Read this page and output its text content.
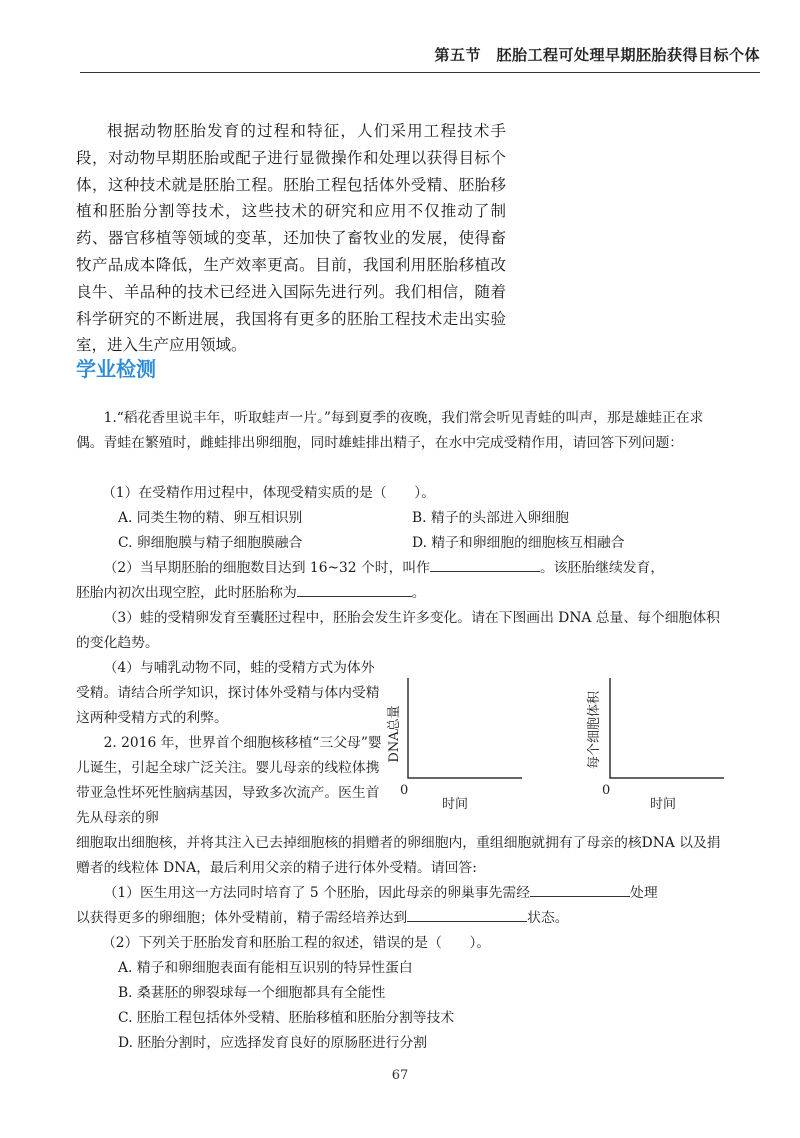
第五节　胚胎工程可处理早期胚胎获得目标个体

根据动物胚胎发育的过程和特征，人们采用工程技术手段，对动物早期胚胎或配子进行显微操作和处理以获得目标个体，这种技术就是胚胎工程。胚胎工程包括体外受精、胚胎移植和胚胎分割等技术，这些技术的研究和应用不仅推动了制药、器官移植等领域的变革，还加快了畜牧业的发展，使得畜牧产品成本降低，生产效率更高。目前，我国利用胚胎移植改良牛、羊品种的技术已经进入国际先进行列。我们相信，随着科学研究的不断进展，我国将有更多的胚胎工程技术走出实验室，进入生产应用领域。

学业检测

1.“稻花香里说丰年，听取蛙声一片。”每到夏季的夜晚，我们常会听见青蛙的叫声，那是雄蛙正在求偶。青蛙在繁殖时，雌蛙排出卵细胞，同时雄蛙排出精子，在水中完成受精作用，请回答下列问题：

（1）在受精作用过程中，体现受精实质的是（　　）。

A. 同类生物的精、卵互相识别	B. 精子的头部进入卵细胞
C. 卵细胞膜与精子细胞膜融合	D. 精子和卵细胞的细胞核互相融合

（2）当早期胚胎的细胞数目达到 16~32 个时，叫作	。该胚胎继续发育，
胚胎内初次出现空腔，此时胚胎称为	。

（3）蛙的受精卵发育至囊胚过程中，胚胎会发生许多变化。请在下图画出 DNA 总量、每个细胞体积的变化趋势。

（4）与哺乳动物不同，蛙的受精方式为体外受精。请结合所学知识，探讨体外受精与体内受精这两种受精方式的利弊。	DNA总量
0
时间
每个细胞体积
0
时间

2. 2016 年，世界首个细胞核移植“三父母”婴儿诞生，引起全球广泛关注。婴儿母亲的线粒体携带亚急性坏死性脑病基因，导致多次流产。医生首先从母亲的卵

细胞取出细胞核，并将其注入已去掉细胞核的捐赠者的卵细胞内，重组细胞就拥有了母亲的核DNA 以及捐赠者的线粒体 DNA，最后利用父亲的精子进行体外受精。请回答:

（1）医生用这一方法同时培育了 5 个胚胎，因此母亲的卵巢事先需经	处理
以获得更多的卵细胞；体外受精前，精子需经培养达到	状态。

（2）下列关于胚胎发育和胚胎工程的叙述，错误的是（　　）。

A. 精子和卵细胞表面有能相互识别的特异性蛋白
B. 桑葚胚的卵裂球每一个细胞都具有全能性
C. 胚胎工程包括体外受精、胚胎移植和胚胎分割等技术
D. 胚胎分割时，应选择发育良好的原肠胚进行分割
67
